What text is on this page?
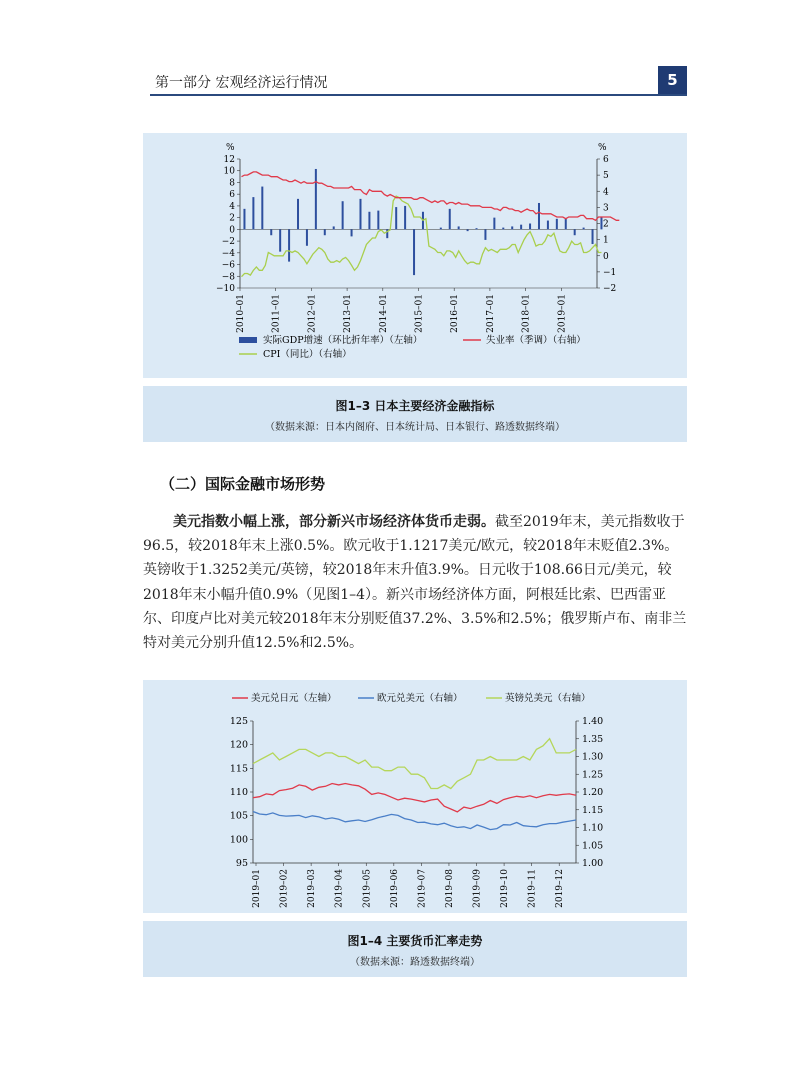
第一部分 宏观经济运行情况	5
%	%
12
10
8
6
4
2
0
−2
−4
−6
−8
−10
6
5
4
3
2
1
0
−1
−2
2010–01	2011–01	2012–01	2013–01	2014–01	2015–01	2016–01	2017–01	2018–01	2019–01
实际GDP增速（环比折年率）（左轴）	失业率（季调）（右轴）
CPI（同比）（右轴）
图1–3 日本主要经济金融指标
（数据来源：日本内阁府、日本统计局、日本银行、路透数据终端）
（二）国际金融市场形势

美元指数小幅上涨，部分新兴市场经济体货币走弱。截至2019年末，美元指数收于96.5，较2018年末上涨0.5%。欧元收于1.1217美元/欧元，较2018年末贬值2.3%。英镑收于1.3252美元/英镑，较2018年末升值3.9%。日元收于108.66日元/美元，较2018年末小幅升值0.9%（见图1–4）。新兴市场经济体方面，阿根廷比索、巴西雷亚尔、印度卢比对美元较2018年末分别贬值37.2%、3.5%和2.5%；俄罗斯卢布、南非兰特对美元分别升值12.5%和2.5%。

美元兑日元（左轴）	欧元兑美元（右轴）	英镑兑美元（右轴）
125
120
115
110
105
100
95
1.40
1.35
1.30
1.25
1.20
1.15
1.10
1.05
1.00
2019–01 2019–02 2019–03 2019–04 2019–05 2019–06 2019–07 2019–08 2019–09 2019–10 2019–11 2019–12
图1–4 主要货币汇率走势
（数据来源：路透数据终端）
